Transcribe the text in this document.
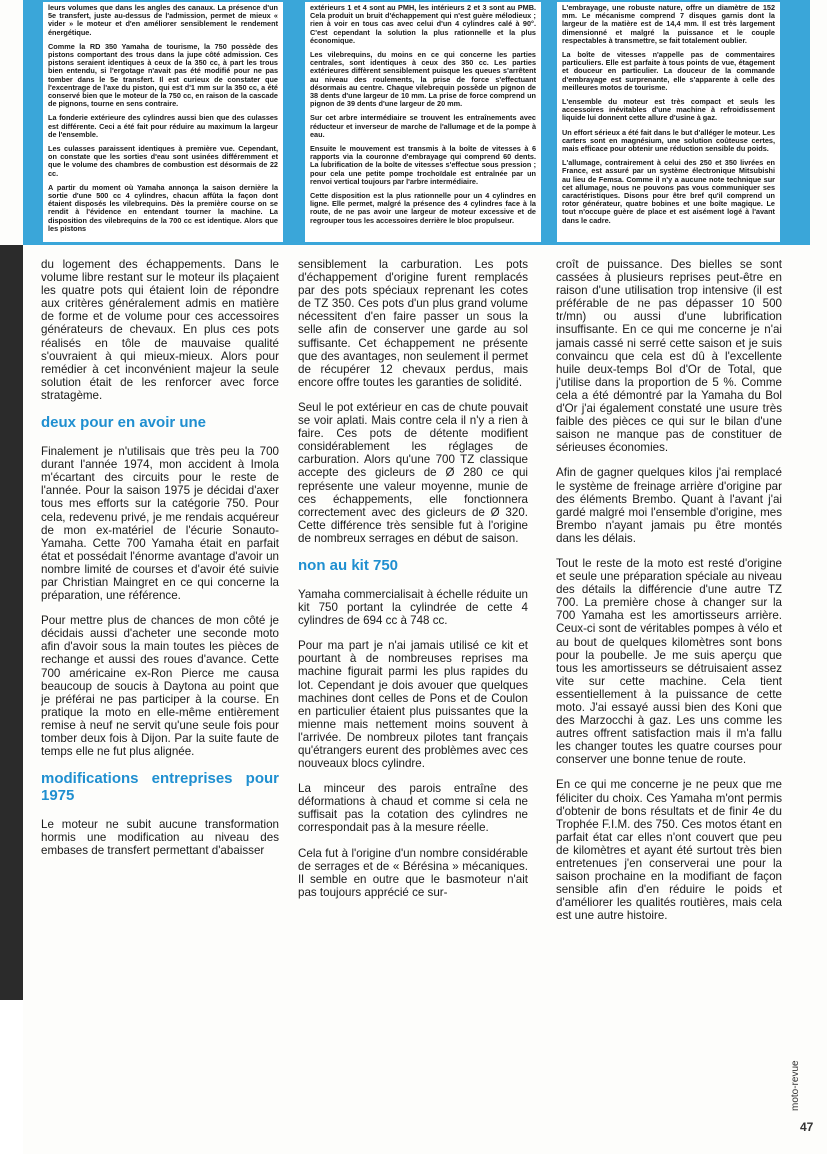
leurs volumes que dans les angles des canaux. La présence d'un 5e transfert, juste au-dessus de l'admission, permet de mieux « vider » le moteur et d'en améliorer sensiblement le rendement énergétique.

Comme la RD 350 Yamaha de tourisme, la 750 possède des pistons comportant des trous dans la jupe côté admission. Ces pistons seraient identiques à ceux de la 350 cc, à part les trous bien entendu, si l'ergotage n'avait pas été modifié pour ne pas tomber dans le 5e transfert. Il est curieux de constater que l'excentrage de l'axe du piston, qui est d'1 mm sur la 350 cc, a été conservé bien que le moteur de la 750 cc, en raison de la cascade de pignons, tourne en sens contraire.

La fonderie extérieure des cylindres aussi bien que des culasses est différente. Ceci a été fait pour réduire au maximum la largeur de l'ensemble.

Les culasses paraissent identiques à première vue. Cependant, on constate que les sorties d'eau sont usinées différemment et que le volume des chambres de combustion est désormais de 22 cc.

A partir du moment où Yamaha annonça la saison dernière la sortie d'une 500 cc 4 cylindres, chacun affûta la façon dont étaient disposés les vilebrequins. Dès la première course on se rendit à l'évidence en entendant tourner la machine. La disposition des vilebrequins de la 700 cc est identique. Alors que les pistons

extérieurs 1 et 4 sont au PMH, les intérieurs 2 et 3 sont au PMB. Cela produit un bruit d'échappement qui n'est guère mélodieux ; rien à voir en tous cas avec celui d'un 4 cylindres calé à 90°. C'est cependant la solution la plus rationnelle et la plus économique.

Les vilebrequins, du moins en ce qui concerne les parties centrales, sont identiques à ceux des 350 cc. Les parties extérieures diffèrent sensiblement puisque les queues s'arrêtent au niveau des roulements, la prise de force s'effectuant désormais au centre. Chaque vilebrequin possède un pignon de 38 dents d'une largeur de 10 mm. La prise de force comprend un pignon de 39 dents d'une largeur de 20 mm.

Sur cet arbre intermédiaire se trouvent les entraînements avec réducteur et inverseur de marche de l'allumage et de la pompe à eau.

Ensuite le mouvement est transmis à la boîte de vitesses à 6 rapports via la couronne d'embrayage qui comprend 60 dents. La lubrification de la boîte de vitesses s'effectue sous pression ; pour cela une petite pompe trochoïdale est entraînée par un renvoi vertical toujours par l'arbre intermédiaire.

Cette disposition est la plus rationnelle pour un 4 cylindres en ligne. Elle permet, malgré la présence des 4 cylindres face à la route, de ne pas avoir une largeur de moteur excessive et de regrouper tous les accessoires derrière le bloc propulseur.

L'embrayage, une robuste nature, offre un diamètre de 152 mm. Le mécanisme comprend 7 disques garnis dont la largeur de la matière est de 14,4 mm. Il est très largement dimensionné et malgré la puissance et le couple respectables à transmettre, se fait totalement oublier.

La boîte de vitesses n'appelle pas de commentaires particuliers. Elle est parfaite à tous points de vue, étagement et douceur en particulier. La douceur de la commande d'embrayage est surprenante, elle s'apparente à celle des meilleures motos de tourisme.

L'ensemble du moteur est très compact et seuls les accessoires inévitables d'une machine à refroidissement liquide lui donnent cette allure d'usine à gaz.

Un effort sérieux a été fait dans le but d'alléger le moteur. Les carters sont en magnésium, une solution coûteuse certes, mais efficace pour obtenir une réduction sensible du poids.

L'allumage, contrairement à celui des 250 et 350 livrées en France, est assuré par un système électronique Mitsubishi au lieu de Femsa. Comme il n'y a aucune note technique sur cet allumage, nous ne pouvons pas vous communiquer ses caractéristiques. Disons pour être bref qu'il comprend un rotor générateur, quatre bobines et une boîte magique. Le tout n'occupe guère de place et est aisément logé à l'avant dans le cadre.

du logement des échappements. Dans le volume libre restant sur le moteur ils plaçaient les quatre pots qui étaient loin de répondre aux critères généralement admis en matière de forme et de volume pour ces accessoires générateurs de chevaux. En plus ces pots réalisés en tôle de mauvaise qualité s'ouvraient à qui mieux-mieux. Alors pour remédier à cet inconvénient majeur la seule solution était de les renforcer avec force stratagème.

deux pour en avoir une

Finalement je n'utilisais que très peu la 700 durant l'année 1974, mon accident à Imola m'écartant des circuits pour le reste de l'année. Pour la saison 1975 je décidai d'axer tous mes efforts sur la catégorie 750. Pour cela, redevenu privé, je me rendais acquéreur de mon ex-matériel de l'écurie Sonauto-Yamaha. Cette 700 Yamaha était en parfait état et possédait l'énorme avantage d'avoir un nombre limité de courses et d'avoir été suivie par Christian Maingret en ce qui concerne la préparation, une référence.

Pour mettre plus de chances de mon côté je décidais aussi d'acheter une seconde moto afin d'avoir sous la main toutes les pièces de rechange et aussi des roues d'avance. Cette 700 américaine ex-Ron Pierce me causa beaucoup de soucis à Daytona au point que je préférai ne pas participer à la course. En pratique la moto en elle-même entièrement remise à neuf ne servit qu'une seule fois pour tomber deux fois à Dijon. Par la suite faute de temps elle ne fut plus alignée.

modifications entreprises pour 1975

Le moteur ne subit aucune transformation hormis une modification au niveau des embases de transfert permettant d'abaisser

sensiblement la carburation. Les pots d'échappement d'origine furent remplacés par des pots spéciaux reprenant les cotes de TZ 350. Ces pots d'un plus grand volume nécessitent d'en faire passer un sous la selle afin de conserver une garde au sol suffisante. Cet échappement ne présente que des avantages, non seulement il permet de récupérer 12 chevaux perdus, mais encore offre toutes les garanties de solidité.

Seul le pot extérieur en cas de chute pouvait se voir aplati. Mais contre cela il n'y a rien à faire. Ces pots de détente modifient considérablement les réglages de carburation. Alors qu'une 700 TZ classique accepte des gicleurs de Ø 280 ce qui représente une valeur moyenne, munie de ces échappements, elle fonctionnera correctement avec des gicleurs de Ø 320. Cette différence très sensible fut à l'origine de nombreux serrages en début de saison.

non au kit 750

Yamaha commercialisait à échelle réduite un kit 750 portant la cylindrée de cette 4 cylindres de 694 cc à 748 cc.

Pour ma part je n'ai jamais utilisé ce kit et pourtant à de nombreuses reprises ma machine figurait parmi les plus rapides du lot. Cependant je dois avouer que quelques machines dont celles de Pons et de Coulon en particulier étaient plus puissantes que la mienne mais nettement moins souvent à l'arrivée. De nombreux pilotes tant français qu'étrangers eurent des problèmes avec ces nouveaux blocs cylindre.

La minceur des parois entraîne des déformations à chaud et comme si cela ne suffisait pas la cotation des cylindres ne correspondait pas à la mesure réelle.

Cela fut à l'origine d'un nombre considérable de serrages et de « Bérésina » mécaniques. Il semble en outre que le basmoteur n'ait pas toujours apprécié ce sur-

croît de puissance. Des bielles se sont cassées à plusieurs reprises peut-être en raison d'une utilisation trop intensive (il est préférable de ne pas dépasser 10 500 tr/mn) ou aussi d'une lubrification insuffisante. En ce qui me concerne je n'ai jamais cassé ni serré cette saison et je suis convaincu que cela est dû à l'excellente huile deux-temps Bol d'Or de Total, que j'utilise dans la proportion de 5 %. Comme cela a été démontré par la Yamaha du Bol d'Or j'ai également constaté une usure très faible des pièces ce qui sur le bilan d'une saison ne manque pas de constituer de sérieuses économies.

Afin de gagner quelques kilos j'ai remplacé le système de freinage arrière d'origine par des éléments Brembo. Quant à l'avant j'ai gardé malgré moi l'ensemble d'origine, mes Brembo n'ayant jamais pu être montés dans les délais.

Tout le reste de la moto est resté d'origine et seule une préparation spéciale au niveau des détails la différencie d'une autre TZ 700. La première chose à changer sur la 700 Yamaha est les amortisseurs arrière. Ceux-ci sont de véritables pompes à vélo et au bout de quelques kilomètres sont bons pour la poubelle. Je me suis aperçu que tous les amortisseurs se détruisaient assez vite sur cette machine. Cela tient essentiellement à la puissance de cette moto. J'ai essayé aussi bien des Koni que des Marzocchi à gaz. Les uns comme les autres offrent satisfaction mais il m'a fallu les changer toutes les quatre courses pour conserver une bonne tenue de route.

En ce qui me concerne je ne peux que me féliciter du choix. Ces Yamaha m'ont permis d'obtenir de bons résultats et de finir 4e du Trophée F.I.M. des 750. Ces motos étant en parfait état car elles n'ont couvert que peu de kilomètres et ayant été surtout très bien entretenues j'en conserverai une pour la saison prochaine en la modifiant de façon sensible afin d'en réduire le poids et d'améliorer les qualités routières, mais cela est une autre histoire.

moto-revue
47
